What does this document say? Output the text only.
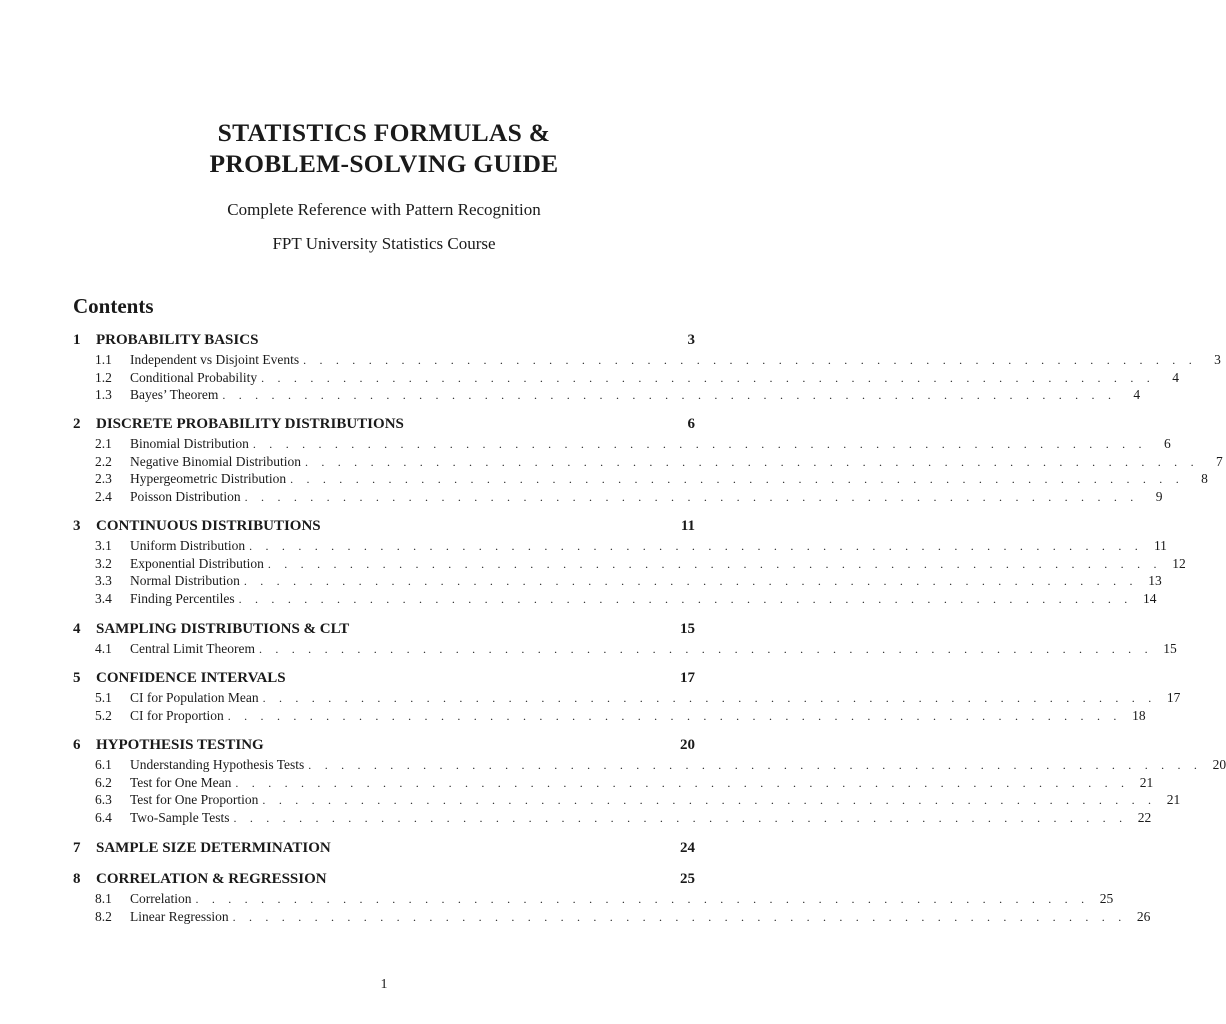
STATISTICS FORMULAS &
PROBLEM-SOLVING GUIDE
Complete Reference with Pattern Recognition
FPT University Statistics Course
Contents
1	PROBABILITY BASICS	3
1.1	Independent vs Disjoint Events . . . . . . . . . . . . . . . . . . . . . . . . . . . . . . . . . . . . . . . . . . . . . . . . . . . . . . .	3
1.2	Conditional Probability . . . . . . . . . . . . . . . . . . . . . . . . . . . . . . . . . . . . . . . . . . . . . . . . . . . . . . .	4
1.3	Bayes’ Theorem . . . . . . . . . . . . . . . . . . . . . . . . . . . . . . . . . . . . . . . . . . . . . . . . . . . . . . .	4
2	DISCRETE PROBABILITY DISTRIBUTIONS	6
2.1	Binomial Distribution . . . . . . . . . . . . . . . . . . . . . . . . . . . . . . . . . . . . . . . . . . . . . . . . . . . . . . .	6
2.2	Negative Binomial Distribution . . . . . . . . . . . . . . . . . . . . . . . . . . . . . . . . . . . . . . . . . . . . . . . . . . . . . . .	7
2.3	Hypergeometric Distribution . . . . . . . . . . . . . . . . . . . . . . . . . . . . . . . . . . . . . . . . . . . . . . . . . . . . . . .	8
2.4	Poisson Distribution . . . . . . . . . . . . . . . . . . . . . . . . . . . . . . . . . . . . . . . . . . . . . . . . . . . . . . .	9
3	CONTINUOUS DISTRIBUTIONS	11
3.1	Uniform Distribution . . . . . . . . . . . . . . . . . . . . . . . . . . . . . . . . . . . . . . . . . . . . . . . . . . . . . . . 11
3.2	Exponential Distribution . . . . . . . . . . . . . . . . . . . . . . . . . . . . . . . . . . . . . . . . . . . . . . . . . . . . . . . 12
3.3	Normal Distribution . . . . . . . . . . . . . . . . . . . . . . . . . . . . . . . . . . . . . . . . . . . . . . . . . . . . . . . 13
3.4	Finding Percentiles . . . . . . . . . . . . . . . . . . . . . . . . . . . . . . . . . . . . . . . . . . . . . . . . . . . . . . . 14
4	SAMPLING DISTRIBUTIONS & CLT	15
4.1	Central Limit Theorem . . . . . . . . . . . . . . . . . . . . . . . . . . . . . . . . . . . . . . . . . . . . . . . . . . . . . . . 15
5	CONFIDENCE INTERVALS	17
5.1	CI for Population Mean . . . . . . . . . . . . . . . . . . . . . . . . . . . . . . . . . . . . . . . . . . . . . . . . . . . . . . . 17
5.2	CI for Proportion . . . . . . . . . . . . . . . . . . . . . . . . . . . . . . . . . . . . . . . . . . . . . . . . . . . . . . . 18
6	HYPOTHESIS TESTING	20
6.1	Understanding Hypothesis Tests . . . . . . . . . . . . . . . . . . . . . . . . . . . . . . . . . . . . . . . . . . . . . . . . . . . . . . . 20
6.2	Test for One Mean . . . . . . . . . . . . . . . . . . . . . . . . . . . . . . . . . . . . . . . . . . . . . . . . . . . . . . . 21
6.3	Test for One Proportion . . . . . . . . . . . . . . . . . . . . . . . . . . . . . . . . . . . . . . . . . . . . . . . . . . . . . . . 21
6.4	Two-Sample Tests . . . . . . . . . . . . . . . . . . . . . . . . . . . . . . . . . . . . . . . . . . . . . . . . . . . . . . . 22
7	SAMPLE SIZE DETERMINATION	24
8	CORRELATION & REGRESSION	25
8.1	Correlation . . . . . . . . . . . . . . . . . . . . . . . . . . . . . . . . . . . . . . . . . . . . . . . . . . . . . . . 25
8.2	Linear Regression . . . . . . . . . . . . . . . . . . . . . . . . . . . . . . . . . . . . . . . . . . . . . . . . . . . . . . . 26
1
